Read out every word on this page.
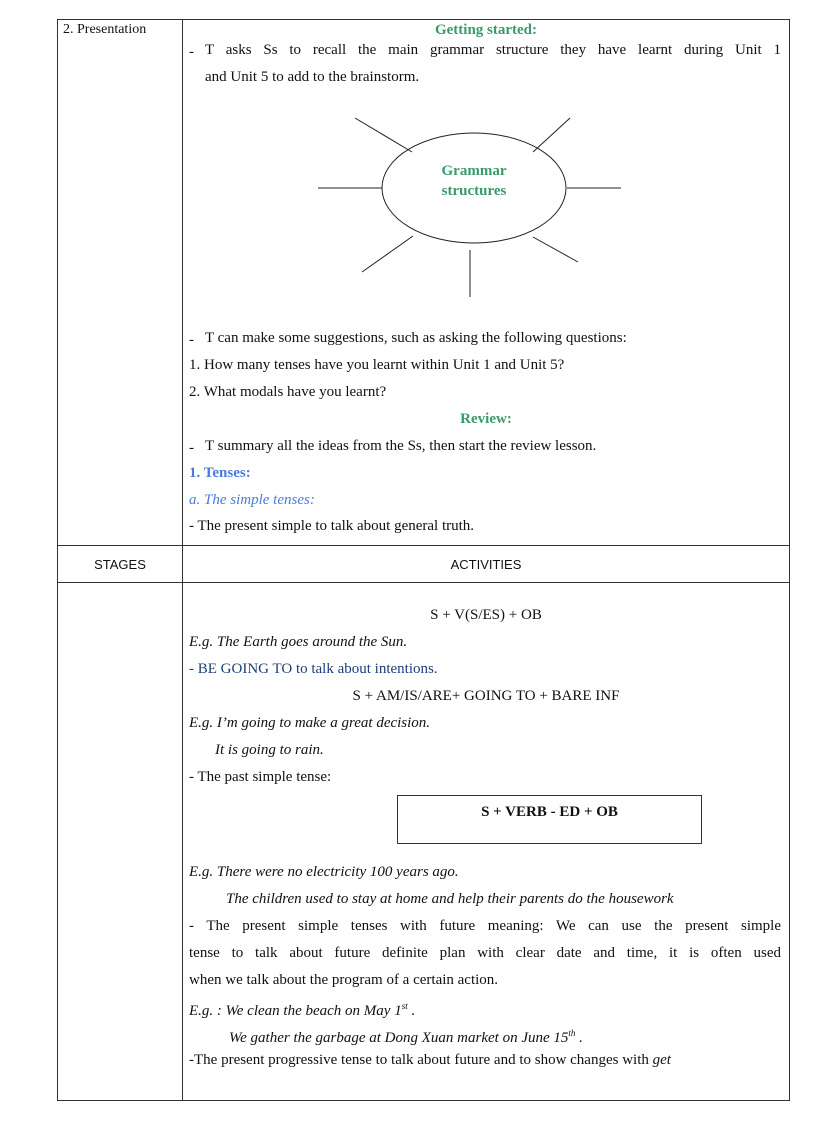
2. Presentation	Getting started:
- T asks Ss to recall the main grammar structure they have learnt during Unit 1
and Unit 5 to add to the brainstorm.
Grammar
structures
- T can make some suggestions, such as asking the following questions:
1. How many tenses have you learnt within Unit 1 and Unit 5?
2. What modals have you learnt?
Review:
- T summary all the ideas from the Ss, then start the review lesson.
1. Tenses:
a. The simple tenses:
- The present simple to talk about general truth.
STAGES	ACTIVITIES
S + V(S/ES) + OB
E.g. The Earth goes around the Sun.
- BE GOING TO to talk about intentions.
S + AM/IS/ARE+ GOING TO + BARE INF
E.g. I’m going to make a great decision.
It is going to rain.
- The past simple tense:
S + VERB - ED + OB
E.g. There were no electricity 100 years ago.
The children used to stay at home and help their parents do the housework
- The present simple tenses with future meaning: We can use the present simple
tense to talk about future definite plan with clear date and time, it is often used
when we talk about the program of a certain action.
E.g. : We clean the beach on May 1st .
We gather the garbage at Dong Xuan market on June 15th .
-The present progressive tense to talk about future and to show changes with get
